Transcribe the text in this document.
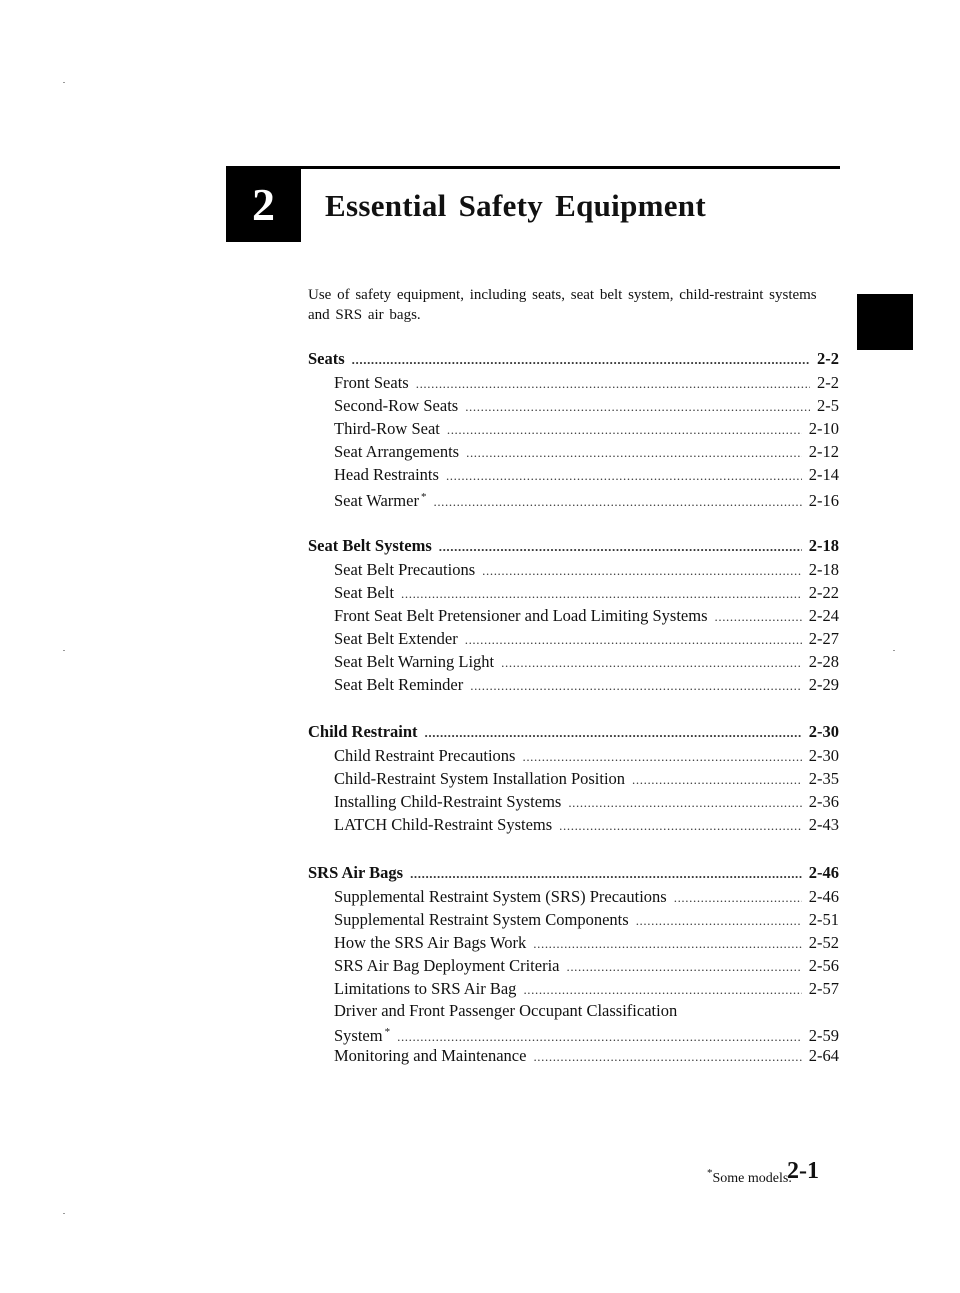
2 Essential Safety Equipment
Use of safety equipment, including seats, seat belt system, child-restraint systems and SRS air bags.
Seats .....	2-2
Front Seats .....	2-2
Second-Row Seats .....	2-5
Third-Row Seat .....	2-10
Seat Arrangements .....	2-12
Head Restraints .....	2-14
Seat Warmer * .....	2-16
Seat Belt Systems .....	2-18
Seat Belt Precautions .....	2-18
Seat Belt .....	2-22
Front Seat Belt Pretensioner and Load Limiting Systems .....	2-24
Seat Belt Extender .....	2-27
Seat Belt Warning Light .....	2-28
Seat Belt Reminder .....	2-29
Child Restraint .....	2-30
Child Restraint Precautions .....	2-30
Child-Restraint System Installation Position .....	2-35
Installing Child-Restraint Systems .....	2-36
LATCH Child-Restraint Systems .....	2-43
SRS Air Bags .....	2-46
Supplemental Restraint System (SRS) Precautions .....	2-46
Supplemental Restraint System Components .....	2-51
How the SRS Air Bags Work .....	2-52
SRS Air Bag Deployment Criteria .....	2-56
Limitations to SRS Air Bag .....	2-57
Driver and Front Passenger Occupant Classification
System * .....	2-59
Monitoring and Maintenance .....	2-64
*Some models.
2-1
